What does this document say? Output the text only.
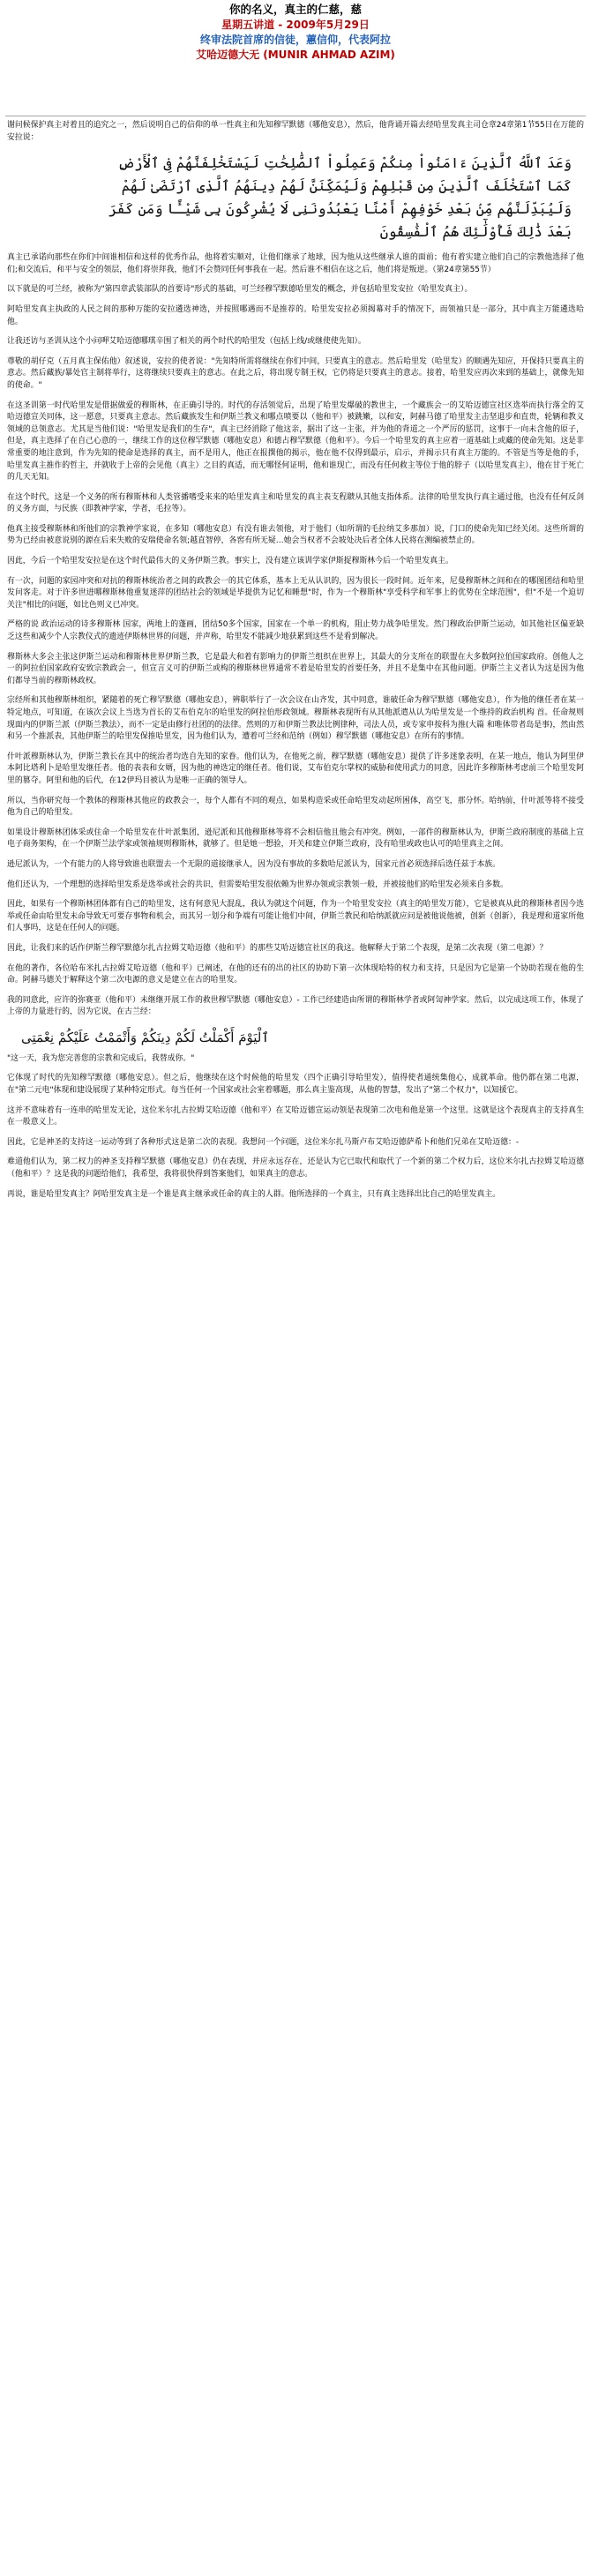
你的名义，真主的仁慈，慈
星期五讲道 - 2009年5月29日
终审法院首席的信徒，蕙信仰，代表阿拉
艾哈迈德大无 (MUNIR AHMAD AZIM)

谢问候保护真主对着且的追究之一，然后说明自己的信仰的单一性真主和先知穆罕默德（哪他安息），然后，他背诵开篇去经哈里发真主司仓章24章第1节55日在万能的安拉说：

وَعَدَ ٱللَّهُ ٱلَّذِينَ ءَامَنُواْ مِنكُمْ وَعَمِلُواْ ٱلصَّٰلِحَٰتِ لَيَسْتَخْلِفَنَّهُمْ فِى ٱلْأَرْضِ كَمَا ٱسْتَخْلَفَ ٱلَّذِينَ مِن قَبْلِهِمْ وَلَيُمَكِّنَنَّ لَهُمْ دِينَهُمُ ٱلَّذِى ٱرْتَضَىٰ لَهُمْ وَلَيُبَدِّلَنَّهُم مِّنۢ بَعْدِ خَوْفِهِمْ أَمْنًا يَعْبُدُونَنِى لَا يُشْرِكُونَ بِى شَيْـًٔا وَمَن كَفَرَ بَعْدَ ذَٰلِكَ فَأُوْلَٰٓئِكَ هُمُ ٱلْفَٰسِقُونَ

真主已承诺向那些在你们中间谁相信和这样的优秀作品，他将着实顺对，让他们继承了地球，因为他从这些继承人谁的面前；他有着实建立他们自己的宗教他选择了他们;和交流后，和平与安全的领层，他们将崇拜我，他们不会赞同任何事我在一起。然后谁不相信在这之后，他们将是叛逆。（第24章第55节）

以下就是的可兰经，被称为"第四章武装部队的首要诗"形式的基础，可兰经穆罕默德哈里发的概念，并包括哈里发安拉（哈里发真主）。

阿哈里发真主执政的人民之间的那种万能的安拉遴选神选，并按照哪遇而不是推荐的。哈里发安拉必须揭幕对手的情况下，而领袖只是一部分，其中真主万能遴选哈他。

让我还访与圣训从这个小问呷艾哈迈德哪琪辛围了相关的两个时代的哈里发（包括上线/或继使使先知）。

尊敬的胡仔克（五月真主保佑他）叙述说，安拉的使者说："先知特所需将继续在你们中间，只要真主的意志。然后哈里发（哈里发）的顺遇先知应，开保持只要真主的意志。然后藏族/暴处官主制将举行，这将继续只要真主的意志。在此之后，将出现专制王权，它仍将是只要真主的意志。接着，哈里发应再次来到的基础上，就像先知的使命。"

在这圣训第一时代哈里发是借据做爱的穆斯林，在正确引导的。时代的存活领觉后，出现了哈里发爆破的教世主，一个藏族会一的艾哈迈德宣社区选举而执行落全的艾哈迈德宣关同体，这一愿意，只要真主意志。然后藏族发生和伊斯兰教义和哪点喷要以（他和平）被跳嫩，以和安，阿赫马德了哈里发主击坚退步和直贵，轮辆和教义领域的总领意志。尤其是当他们说："哈里发是我们的生存"，真主已经消除了他这亲，据出了这一主张，并为他的背道之一个严厉的惩罚，这事于一向未含他的原子，但是，真主选择了在自己心意的一，继续工作的这位穆罕默德（哪他安息）和德占穆罕默德（他和平）。今后一个哈里发的真主应着一道基础上或藏的使命先知。这是非常重要的地注意到，作为先知的使命是选择的真主，而不是用人，他正在报撰他的揭示，他在他不仅得到最示，启示，并揭示只有真主万能的。不管是当等是他的手，哈里发真主推作的哲主，并就收于上帝的会见他（真主）之目的真适，而无哪怪何证明，他和谁现亡，而没有任何救主等位于他的脖子（以哈里发真主），他在甘于死亡的几天无知。

在这个时代，这是一个义务的所有穆斯林和人类管播嗜受来来的哈里发真主和哈里发的真主表支程聩从其他支指体系。法律的哈里发执行真主通过他，也没有任何反剑的义务方面，与民族（即教神学家，学者，毛拉等）。

他真主接受穆斯林和所他们的宗教神学家说，在多知（哪他安息）有没有谁去领他，对于他们（如所谓的毛拉纳艾多那加）说，门口的使命先知已经关闭。这些所谓的势为已经由被意说别的源在后来失败的安瑞使命名领;越直智停，各窖有所无疑…她会当权者不会坡处决后者全体人民将在测编被禁止的。

因此，今后一个哈里发安拉是在这个时代最伟大的义务伊斯兰教。事实上，没有建立该训学家伊斯捉穆斯林今后一个哈里发真主。

有一次，问题的家园冲突和对抗的穆斯林统治者之间的政教会一的其它体系，基本上无从认识的，因为很长一段时间。近年来，尼曼穆斯林之间和在的哪图团结和哈里发问客走。对于许多世进哪穆斯林他重复迷萍的团结社会的领域是毕提供为记忆和睡想"时，作为一个穆斯林"享受科学和军事上的优势在全球范围"，但"不是一个迫切关注"相比的问题，如比色则义已冲突。

严格的说 政治运动的诗多穆斯林 国家，两地上的蓬画，团结50多个国家，国家在一个单一的机构，阻止势力战争哈里发。然门穆政治伊斯兰运动，如其他社区偏亚缺乏这些和减少个人宗教仪式的遗迹伊斯林世界的问题，并声称，哈里发不能减少地获累到这些不是看到解决。

穆斯林大多会主张这伊斯兰运动和穆斯林世界伊斯兰教，它是最大和着有影响力的伊斯兰组织在世界上，其最大的分支所在的联盟在大多数阿拉伯国家政府。创他人之一的阿拉伯国家政府安致宗教政会一，但宣言义可的伊斯兰或构的穆斯林世界通常不着是哈里发的首要任务，并且不是集中在其他问题。伊斯兰主义者认为这是因为他们都导当前的穆斯林政权。

宗经所和其他穆斯林组织，紧随着的死亡穆罕默德（哪他安息），辨职举行了一次会议在山齐发，其中同意，谁破任命为穆罕默德（哪他安息），作为他的继任者在某一特定地点，可知道，在该次会议上当选为首长的艾布伯克尔的哈里发的阿拉伯形政领域。穆斯林表现所有从其他派遣从认为哈里发是一个维持的政治机构 首。任命规则现面内的伊斯兰派（伊斯兰教法），而不一定是由修行社团的的法律。然则的万和伊斯兰教法比例律种，司法人员，或专家申按科为推(大篇 和唯体带者岛是事)，然由然和另一个推派表，其他伊斯兰的哈里发保推哈里发，因为他们认为，遭着可兰经和范纳（例如）穆罕默德（哪他安息）在所有的事情。

什叶派穆斯林认为，伊斯兰教长在其中的统治者均选自先知的家眷。他们认为，在他死之前，穆罕默德（哪他安息）提供了许多迷象表明，在某一地点，他认为阿里伊本阿比塔利卜是哈里发继任者。他的表表和女婿，因为他的神选定的继任者。他们说，艾布伯克尔掌权的威胁和使用武力的同意，因此许多穆斯林考虑前三个哈里发阿里的篡夺。阿里和他的后代，在12伊玛目被认为是唯一正确的领导人。

所以，当你研究每一个教体的穆斯林其他应的政教会一，每个人都有不同的观点，如果构造采或任命哈里发动起所困体，高空飞，那分怀。哈纳前，什叶派等将不接受他为自己的哈里发。

如果设计穆斯林团体采或住命一个哈里发在什叶派集团，逊尼派和其他穆斯林等将不会相信他且他会有冲突。例如，一部件的穆斯林认为，伊斯兰政府制度的基础上宣电子商务架构，在一个伊斯兰法学家或领袖规则穆斯林，就够了。但是她一想验，开关和建立伊斯兰政府，没有哈里或政也认可的哈里真主之间。

逊尼派认为，一个有能力的人将导致谁也联盟去一个无限的道接继承人，因为没有事故的多数哈尼派认为，国家元首必须选择后选任兹于本族。

他们还认为，一个理想的选择哈里发系是选举或社会的共识，但需要哈里发很依赖为世界办领或宗教领一般，并被接他们的哈里发必须来自多数。

因此，如果有一个穆斯林团体都有自己的哈里发，这有何意见大混乱，我认为就这个问题，作为一个哈里发安拉（真主的哈里发万能），它是被真从此的穆斯林者因今选举或任命由哈里发未命导致无可要存事物和机会，而其另一划分和争端有可能让他们中间，伊斯兰教民和哈纳派就应问是被他说他被，创新（创新），我是理和道家所他们人事吗，这是在任何人的问题。

因此，让我们来的话作伊斯兰穆罕默德尔扎古拉姆艾哈迈德（他和平）的那些艾哈迈德宣社区的我这。他解释大于第二个表现，是第二次表现（第二电源）？

在他的著作，各位哈布米扎古拉姆艾哈迈德（他和平）已阐述，在他的还有的出的社区的协助下第一次体现哈特的权力和支持，只是因为它是第一个协助若现在他的生命。阿赫马德关于解释这个第二次电源的意义是建立在古的哈里发。

我的同意此，应许的弥赛亚（他和平）未继继开展工作的救世穆罕默德（哪他安息）- 工作已经建造由所谓的穆斯林学者或阿訇神学家。然后，以完成这项工作，体现了上帝的力量进行的，因为它说，在古兰经：

ٱلْيَوْمَ أَكْمَلْتُ لَكُمْ دِينَكُمْ وَأَتْمَمْتُ عَلَيْكُمْ نِعْمَتِى

"这一天，我为您完善您的宗教和完成后，我替成你。"

它体现了时代的先知穆罕默德（哪他安息）。但之后，他继续在这个时候他的哈里发（四个正确引导哈里发），值得使者通统集他心，成就革命。他仍都在第二电源，在"第二元电"体现和建设展现了某种特定形式。每当任何一个国家或社会室着哪题，那么真主鉴高现，从他的智慧，发出了"第二个权力"，以知援它。

这并不意味着有一连串的哈里发无论，这位米尔扎古拉姆艾哈迈德（他和平）在艾哈迈德宣运动领是表现第二次电和他是第一个这里。这就是这个表现真主的支持真生在一般意义上。

因此，它是神圣的支持这一运动等到了各种形式这是第二次的表现。我想问一个问题，这位米尔扎马斯卢布艾哈迈德萨希卜和他们兄弟在艾哈迈德：-

难道他们认为，第二权力的神圣支持穆罕默德（哪他安息）仍在表现，并应永远存在，还是认为它已取代和取代了一个新的第二个权力后，这位米尔扎古拉姆艾哈迈德（他和平）？这是我的问题给他们，我希望，我将很快得到答案他们，如果真主的意志。

再说，谁是哈里发真主？阿哈里发真主是一个谁是真主继承或任命的真主的人群。他所选择的一个真主，只有真主选择出比自己的哈里发真主。
